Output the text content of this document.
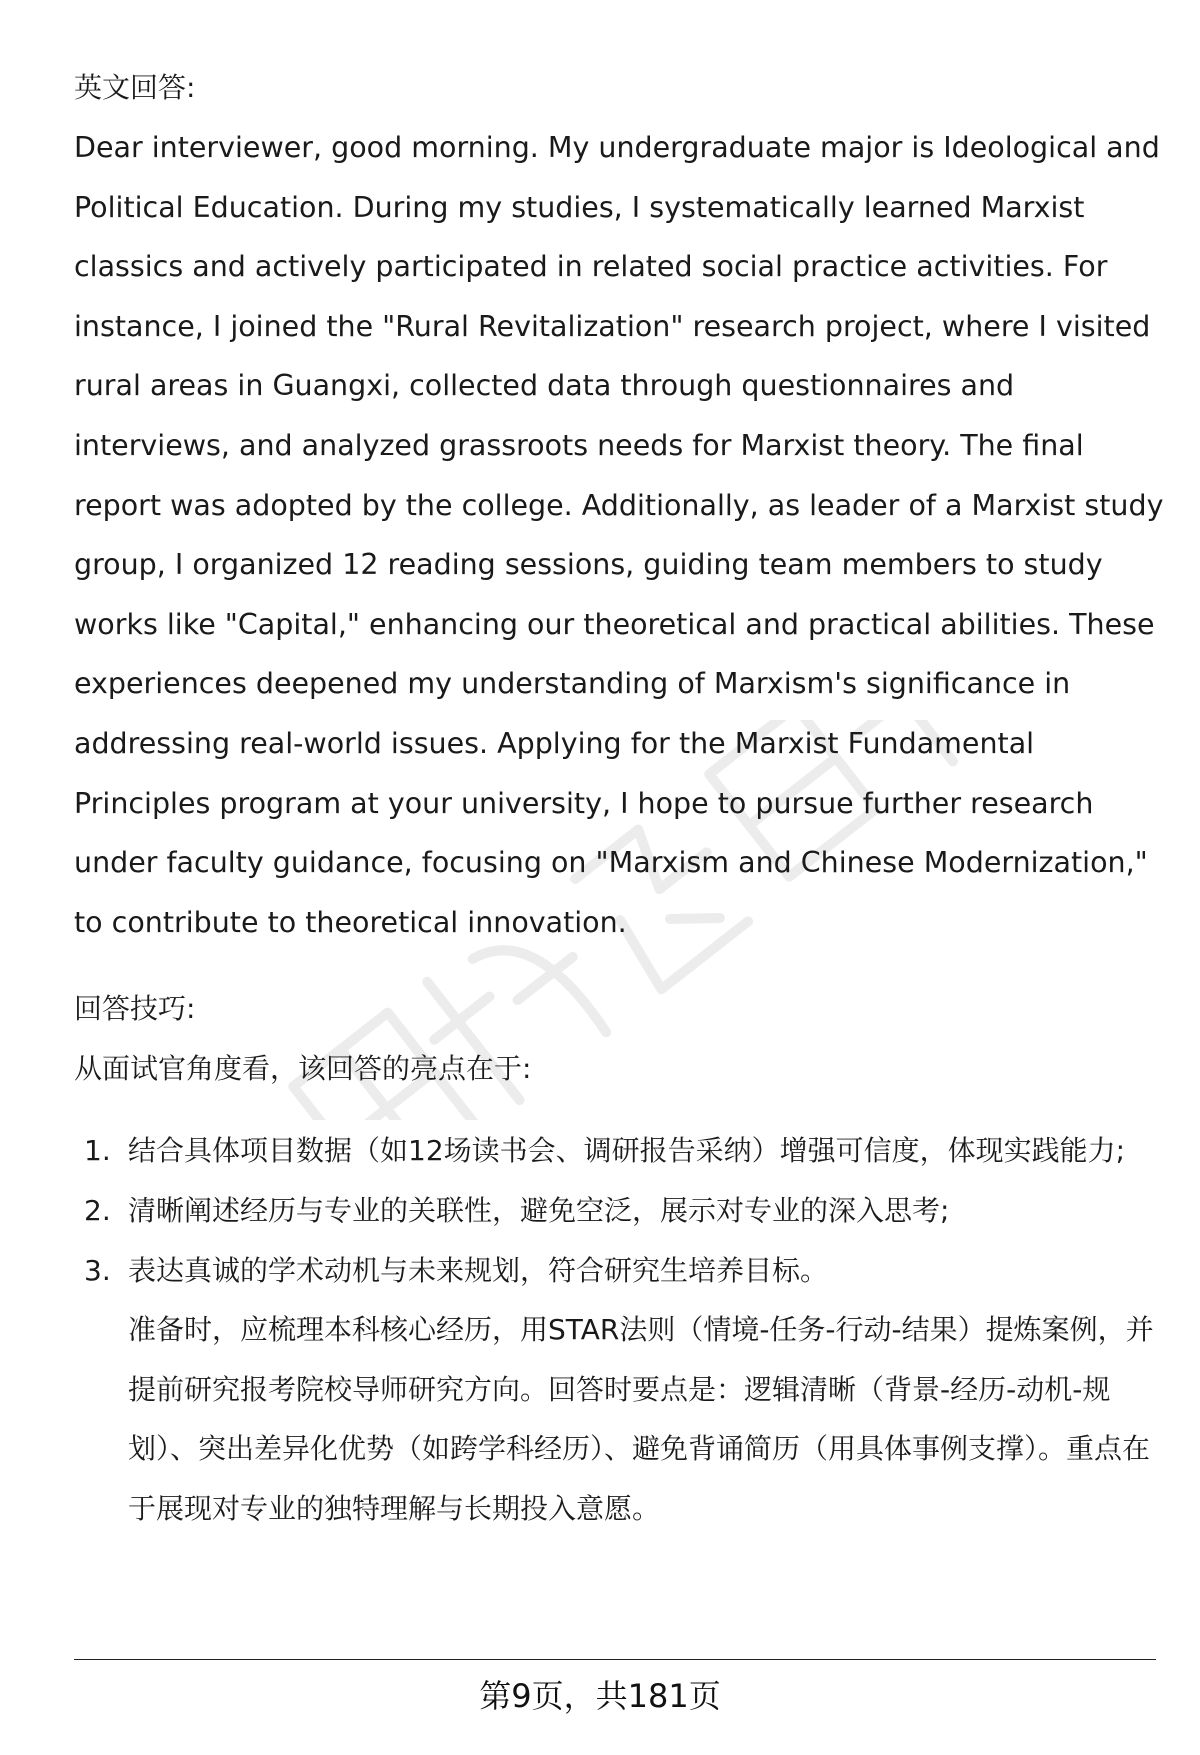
英文回答:

Dear interviewer, good morning. My undergraduate major is Ideological and Political Education. During my studies, I systematically learned Marxist classics and actively participated in related social practice activities. For instance, I joined the "Rural Revitalization" research project, where I visited rural areas in Guangxi, collected data through questionnaires and interviews, and analyzed grassroots needs for Marxist theory. The final report was adopted by the college. Additionally, as leader of a Marxist study group, I organized 12 reading sessions, guiding team members to study works like "Capital," enhancing our theoretical and practical abilities. These experiences deepened my understanding of Marxism's significance in addressing real-world issues. Applying for the Marxist Fundamental Principles program at your university, I hope to pursue further research under faculty guidance, focusing on "Marxism and Chinese Modernization," to contribute to theoretical innovation.

回答技巧:

从面试官角度看，该回答的亮点在于:

1. 结合具体项目数据（如12场读书会、调研报告采纳）增强可信度，体现实践能力;
2. 清晰阐述经历与专业的关联性，避免空泛，展示对专业的深入思考;
3. 表达真诚的学术动机与未来规划，符合研究生培养目标。

准备时，应梳理本科核心经历，用STAR法则（情境-任务-行动-结果）提炼案例，并提前研究报考院校导师研究方向。回答时要点是：逻辑清晰（背景-经历-动机-规划）、突出差异化优势（如跨学科经历）、避免背诵简历（用具体事例支撑）。重点在于展现对专业的独特理解与长期投入意愿。

第9页，共181页
